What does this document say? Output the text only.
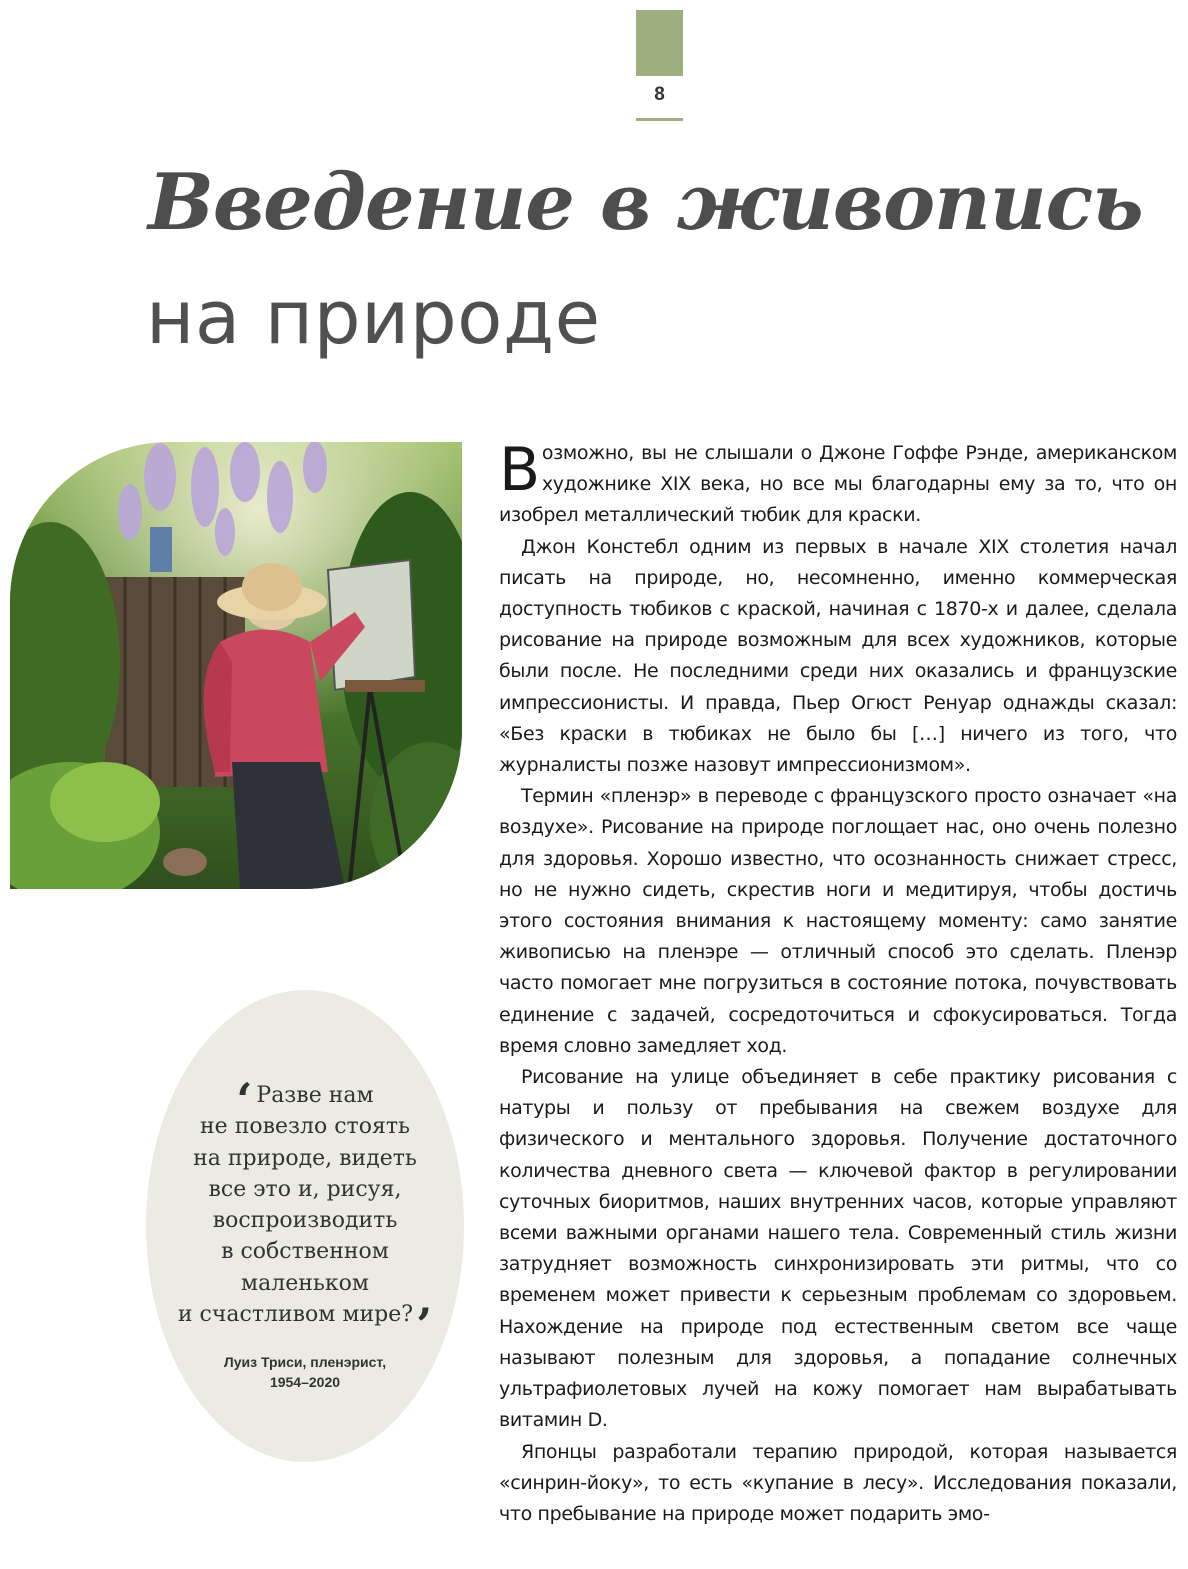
8
Введение в живопись
на природе
‘ Разве нам
не повезло стоять
на природе, видеть
все это и, рисуя,
воспроизводить
в собственном
маленьком
и счастливом мире?’
Луиз Триси, пленэрист,
1954–2020

Возможно, вы не слышали о Джоне Гоффе Рэнде, американском художнике XIX века, но все мы благодарны ему за то, что он изобрел металлический тюбик для краски.

Джон Констебл одним из первых в начале XIX столетия начал писать на природе, но, несомненно, именно коммерческая доступность тюбиков с краской, начиная с 1870-х и далее, сделала рисование на природе возможным для всех художников, которые были после. Не последними среди них оказались и французские импрессионисты. И правда, Пьер Огюст Ренуар однажды сказал: «Без краски в тюбиках не было бы […] ничего из того, что журналисты позже назовут импрессионизмом».

Термин «пленэр» в переводе с французского просто означает «на воздухе». Рисование на природе поглощает нас, оно очень полезно для здоровья. Хорошо известно, что осознанность снижает стресс, но не нужно сидеть, скрестив ноги и медитируя, чтобы достичь этого состояния внимания к настоящему моменту: само занятие живописью на пленэре — отличный способ это сделать. Пленэр часто помогает мне погрузиться в состояние потока, почувствовать единение с задачей, сосредоточиться и сфокусироваться. Тогда время словно замедляет ход.

Рисование на улице объединяет в себе практику рисования с натуры и пользу от пребывания на свежем воздухе для физического и ментального здоровья. Получение достаточного количества дневного света — ключевой фактор в регулировании суточных биоритмов, наших внутренних часов, которые управляют всеми важными органами нашего тела. Современный стиль жизни затрудняет возможность синхронизировать эти ритмы, что со временем может привести к серьезным проблемам со здоровьем. Нахождение на природе под естественным светом все чаще называют полезным для здоровья, а попадание солнечных ультрафиолетовых лучей на кожу помогает нам вырабатывать витамин D.

Японцы разработали терапию природой, которая называется «синрин-йоку», то есть «купание в лесу». Исследования показали, что пребывание на природе может подарить эмо-
